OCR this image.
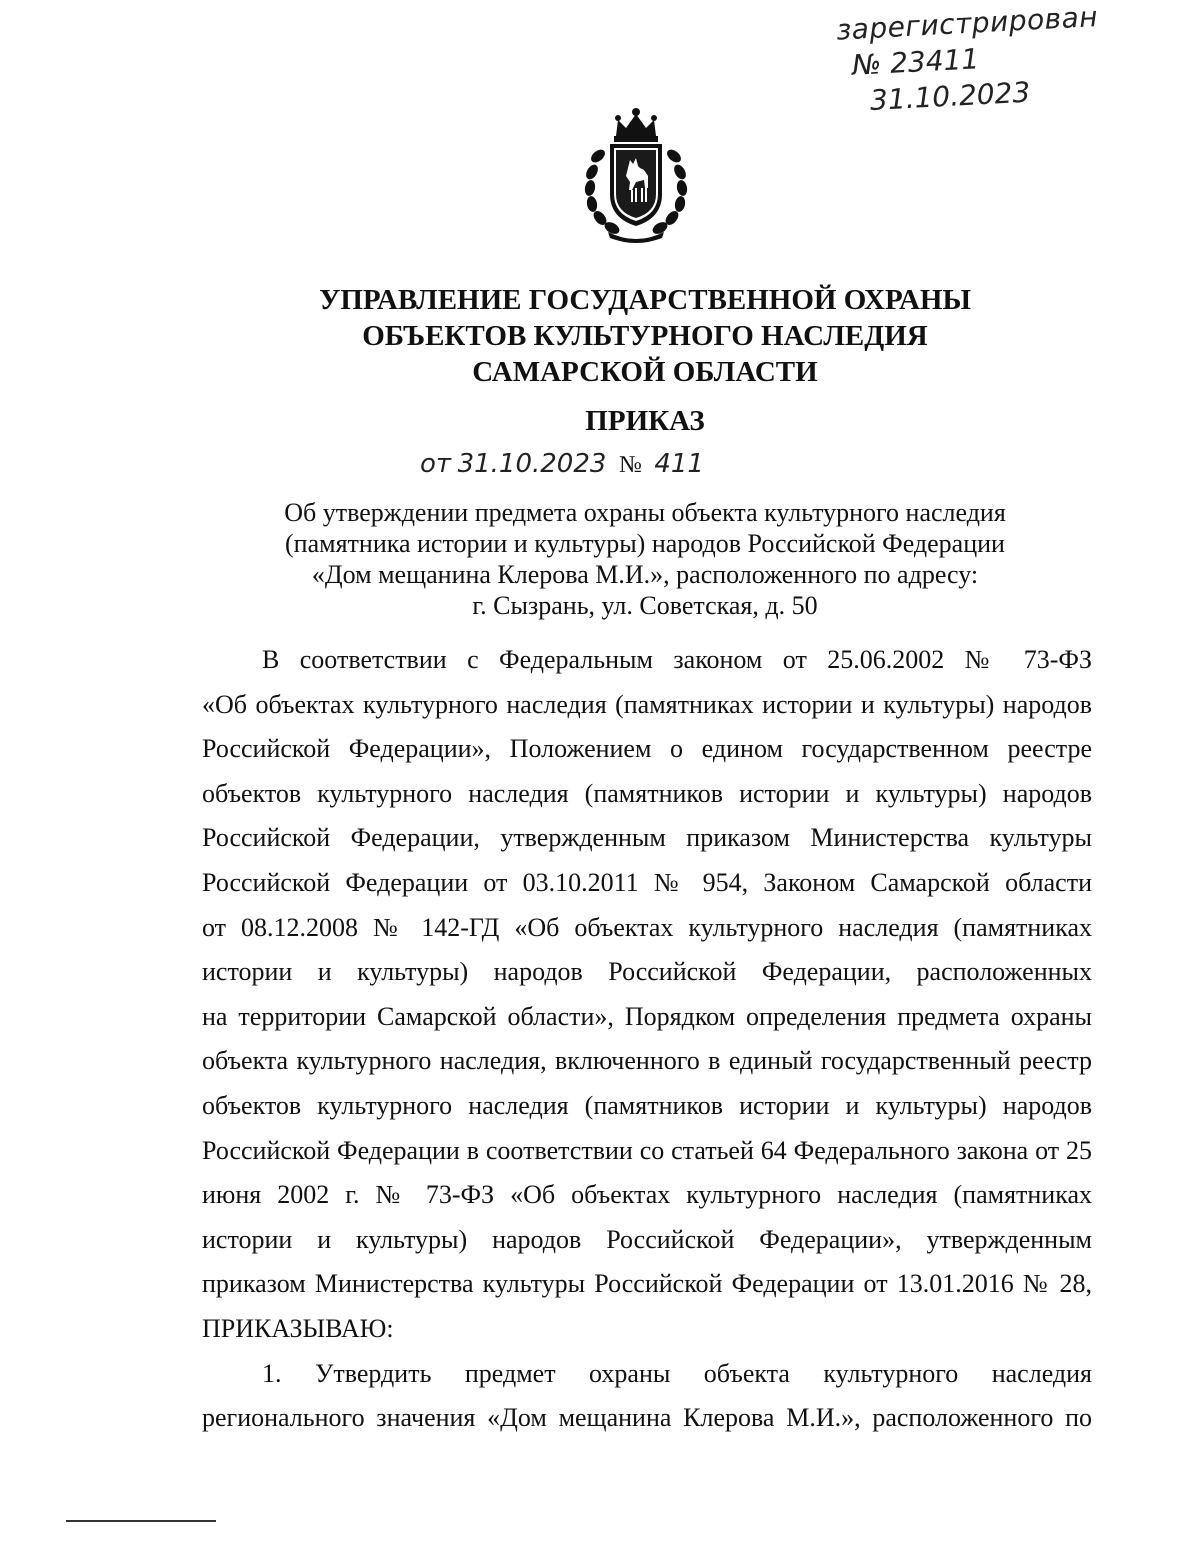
зарегистрирован
№ 23411
31.10.2023
УПРАВЛЕНИЕ ГОСУДАРСТВЕННОЙ ОХРАНЫ
ОБЪЕКТОВ КУЛЬТУРНОГО НАСЛЕДИЯ
САМАРСКОЙ ОБЛАСТИ
ПРИКАЗ
от 31.10.2023 № 411
Об утверждении предмета охраны объекта культурного наследия
(памятника истории и культуры) народов Российской Федерации
«Дом мещанина Клерова М.И.», расположенного по адресу:
г. Сызрань, ул. Советская, д. 50
В соответствии с Федеральным законом от 25.06.2002 № 73-ФЗ
«Об объектах культурного наследия (памятниках истории и культуры) народов
Российской Федерации», Положением о едином государственном реестре
объектов культурного наследия (памятников истории и культуры) народов
Российской Федерации, утвержденным приказом Министерства культуры
Российской Федерации от 03.10.2011 № 954, Законом Самарской области
от 08.12.2008 № 142-ГД «Об объектах культурного наследия (памятниках
истории и культуры) народов Российской Федерации, расположенных
на территории Самарской области», Порядком определения предмета охраны
объекта культурного наследия, включенного в единый государственный реестр
объектов культурного наследия (памятников истории и культуры) народов
Российской Федерации в соответствии со статьей 64 Федерального закона от 25
июня 2002 г. № 73-ФЗ «Об объектах культурного наследия (памятниках
истории и культуры) народов Российской Федерации», утвержденным
приказом Министерства культуры Российской Федерации от 13.01.2016 № 28,
ПРИКАЗЫВАЮ:
1. Утвердить предмет охраны объекта культурного наследия
регионального значения «Дом мещанина Клерова М.И.», расположенного по
